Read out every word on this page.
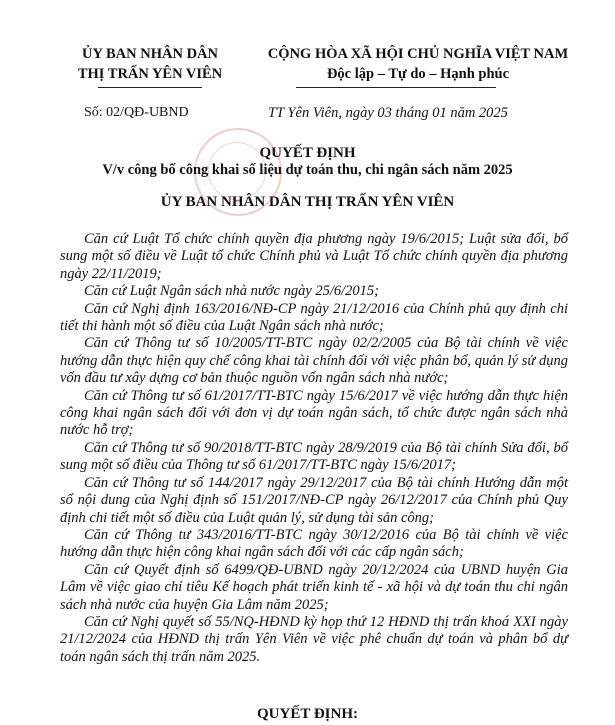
ỦY BAN NHÂN DÂN
THỊ TRẤN YÊN VIÊN
CỘNG HÒA XÃ HỘI CHỦ NGHĨA VIỆT NAM
Độc lập – Tự do – Hạnh phúc
Số: 02/QĐ-UBND	TT Yên Viên, ngày 03 tháng 01 năm 2025
QUYẾT ĐỊNH
V/v công bố công khai số liệu dự toán thu, chi ngân sách năm 2025
ỦY BAN NHÂN DÂN THỊ TRẤN YÊN VIÊN

Căn cứ Luật Tổ chức chính quyền địa phương ngày 19/6/2015; Luật sửa đổi, bổ sung một số điều về Luật tổ chức Chính phủ và Luật Tổ chức chính quyền địa phương ngày 22/11/2019;

Căn cứ Luật Ngân sách nhà nước ngày 25/6/2015;

Căn cứ Nghị định 163/2016/NĐ-CP ngày 21/12/2016 của Chính phủ quy định chi tiết thi hành một số điều của Luật Ngân sách nhà nước;

Căn cứ Thông tư số 10/2005/TT-BTC ngày 02/2/2005 của Bộ tài chính về việc hướng dẫn thực hiện quy chế công khai tài chính đối với việc phân bổ, quản lý sử dụng vốn đầu tư xây dựng cơ bản thuộc nguồn vốn ngân sách nhà nước;

Căn cứ Thông tư số 61/2017/TT-BTC ngày 15/6/2017 về việc hướng dẫn thực hiện công khai ngân sách đối với đơn vị dự toán ngân sách, tổ chức được ngân sách nhà nước hỗ trợ;

Căn cứ Thông tư số 90/2018/TT-BTC ngày 28/9/2019 của Bộ tài chính Sửa đổi, bổ sung một số điều của Thông tư số 61/2017/TT-BTC ngày 15/6/2017;

Căn cứ Thông tư số 144/2017 ngày 29/12/2017 của Bộ tài chính Hướng dẫn một số nội dung của Nghị định số 151/2017/NĐ-CP ngày 26/12/2017 của Chính phủ Quy định chi tiết một số điều của Luật quản lý, sử dụng tài sản công;

Căn cứ Thông tư 343/2016/TT-BTC ngày 30/12/2016 của Bộ tài chính về việc hướng dẫn thực hiện công khai ngân sách đối với các cấp ngân sách;

Căn cứ Quyết định số 6499/QĐ-UBND ngày 20/12/2024 của UBND huyện Gia Lâm về việc giao chỉ tiêu Kế hoạch phát triển kinh tế - xã hội và dự toán thu chi ngân sách nhà nước của huyện Gia Lâm năm 2025;

Căn cứ Nghị quyết số 55/NQ-HĐND kỳ họp thứ 12 HĐND thị trấn khoá XXI ngày 21/12/2024 của HĐND thị trấn Yên Viên về việc phê chuẩn dự toán và phân bổ dự toán ngân sách thị trấn năm 2025.

QUYẾT ĐỊNH:
